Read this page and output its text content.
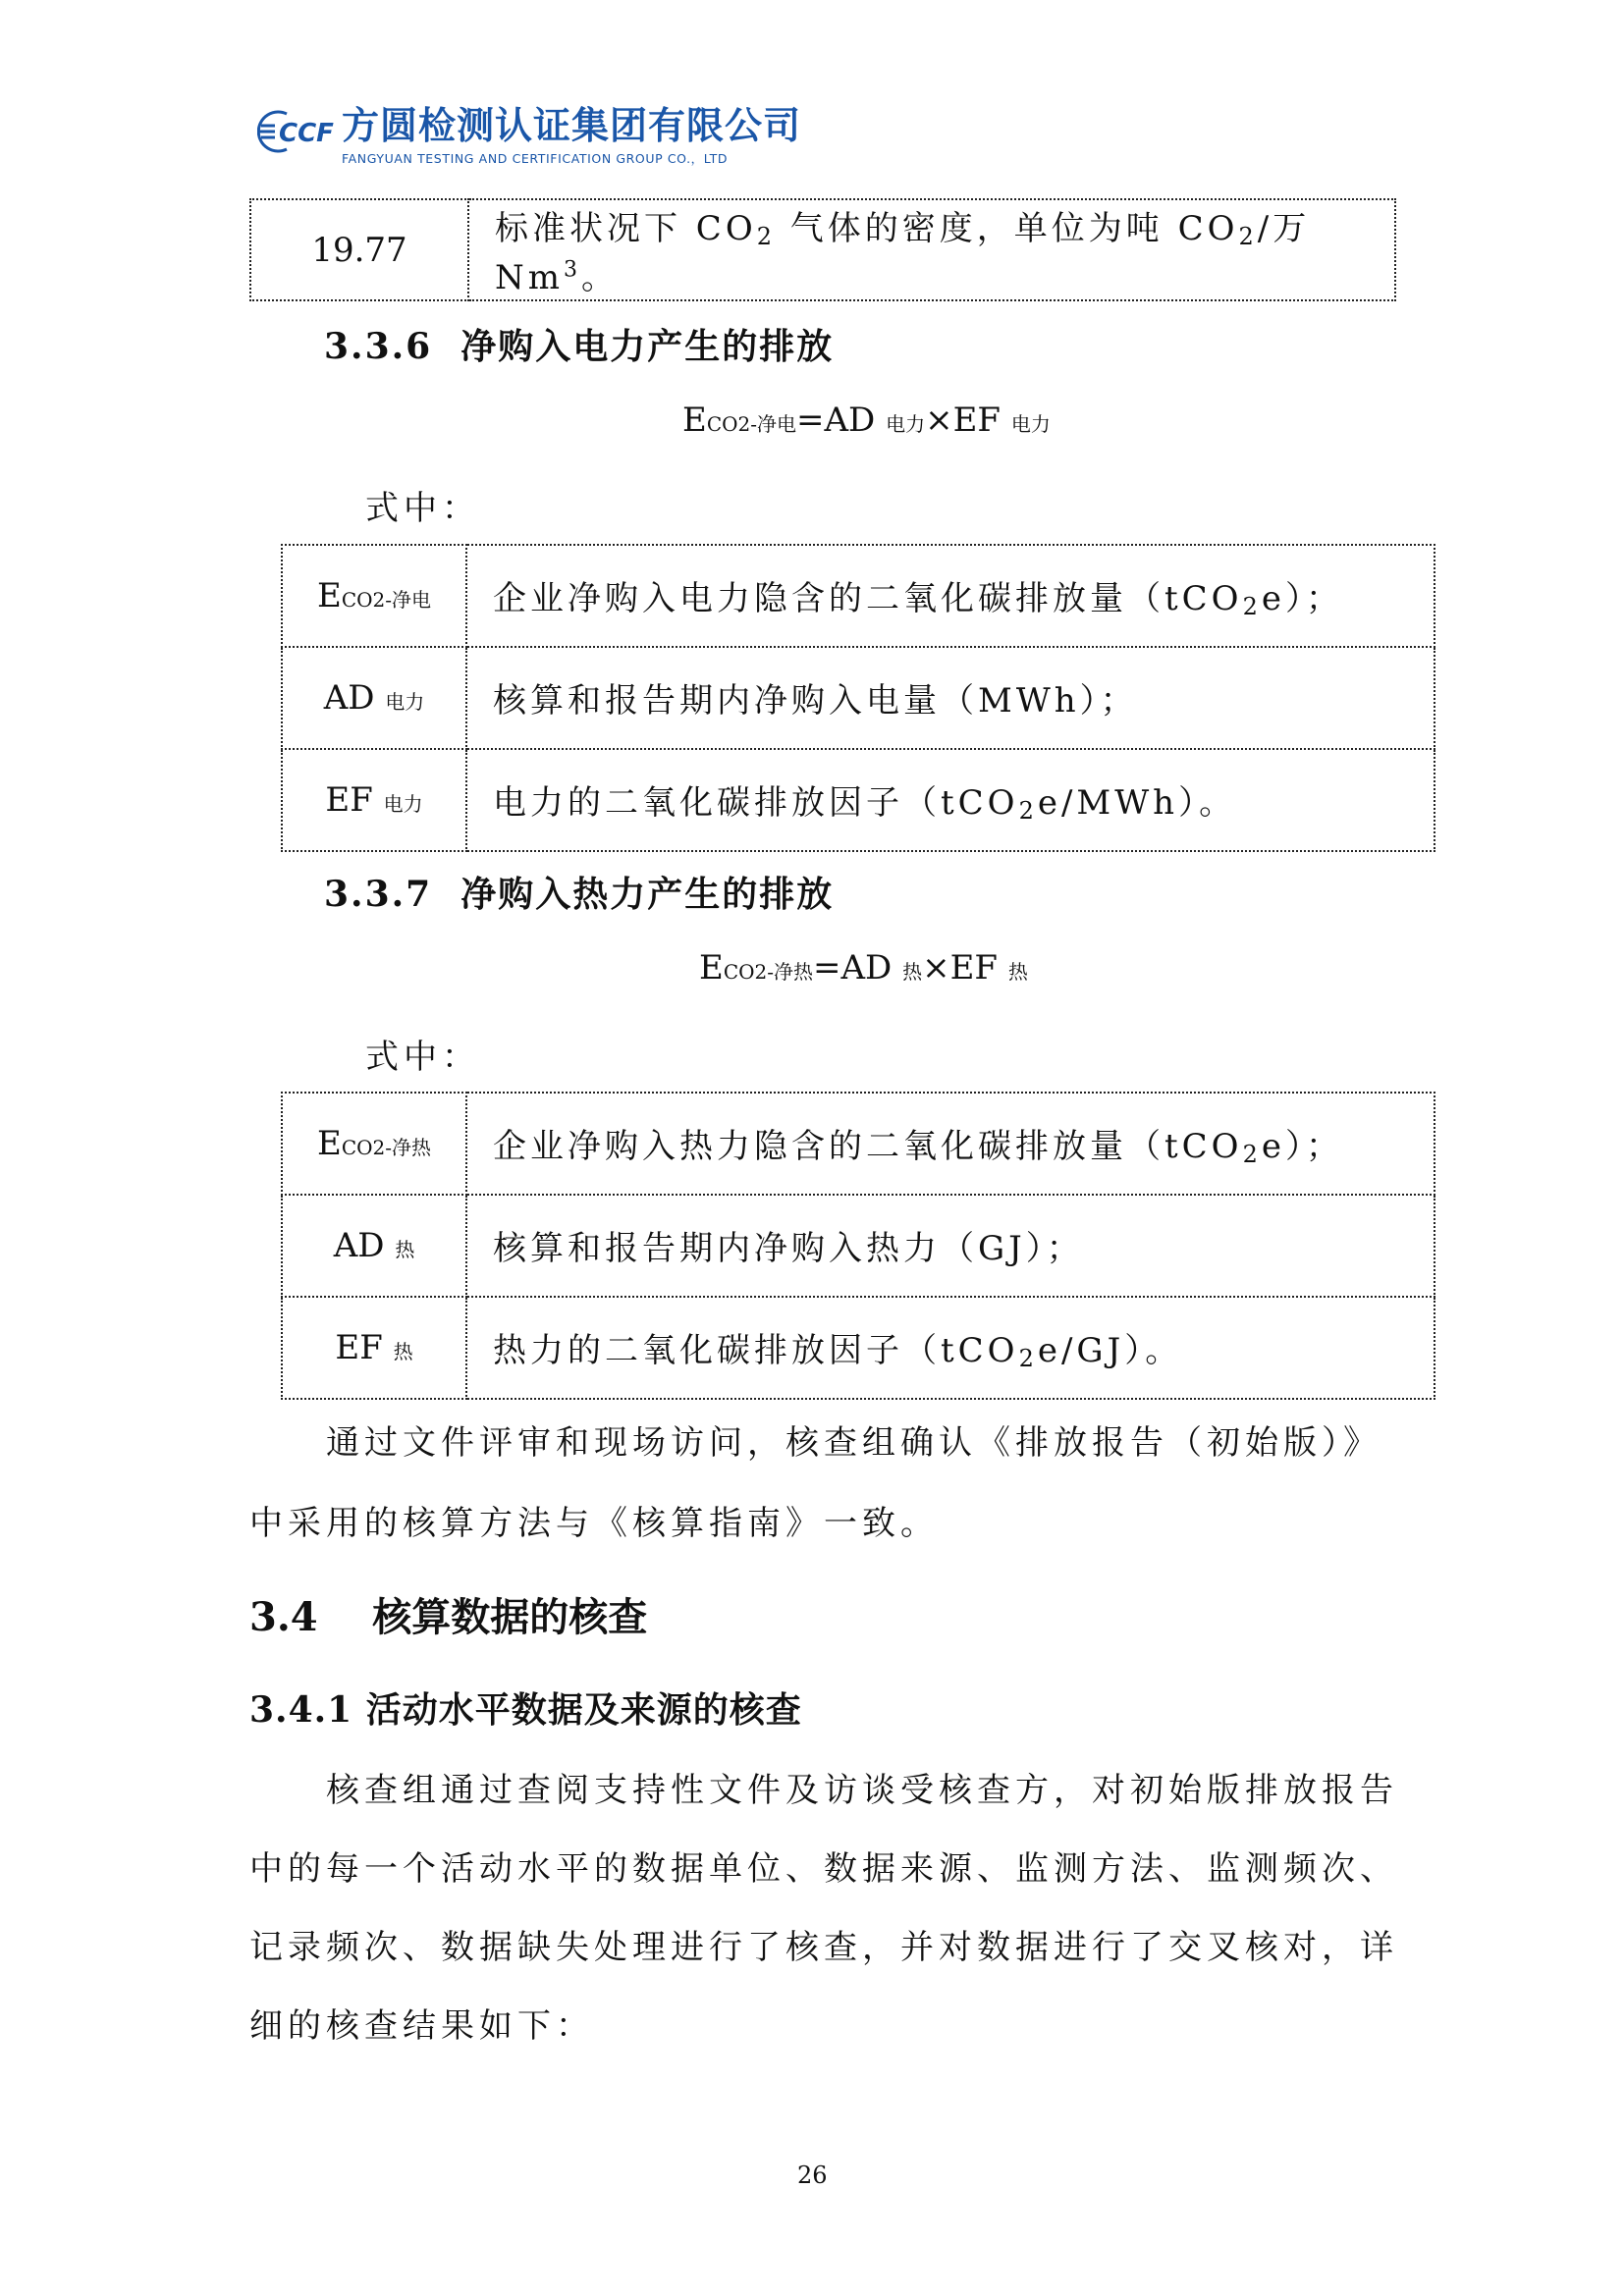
CCF 方圆检测认证集团有限公司
FANGYUAN TESTING AND CERTIFICATION GROUP CO.，LTD
19.77	标准状况下 CO2 气体的密度，单位为吨 CO2/万 Nm$^3$。
3.3.6 净购入电力产生的排放
ECO2-净电=AD 电力×EF 电力
式中：
ECO2-净电	企业净购入电力隐含的二氧化碳排放量（tCO2e）；
AD 电力	核算和报告期内净购入电量（MWh）；
EF 电力	电力的二氧化碳排放因子（tCO2e/MWh）。
3.3.7 净购入热力产生的排放
ECO2-净热=AD 热×EF 热
式中：
ECO2-净热	企业净购入热力隐含的二氧化碳排放量（tCO2e）；
AD 热	核算和报告期内净购入热力（GJ）；
EF 热	热力的二氧化碳排放因子（tCO2e/GJ）。
通过文件评审和现场访问，核查组确认《排放报告（初始版）》
中采用的核算方法与《核算指南》一致。
3.4 核算数据的核查
3.4.1 活动水平数据及来源的核查
核查组通过查阅支持性文件及访谈受核查方，对初始版排放报告
中的每一个活动水平的数据单位、数据来源、监测方法、监测频次、
记录频次、数据缺失处理进行了核查，并对数据进行了交叉核对，详
细的核查结果如下：
26
